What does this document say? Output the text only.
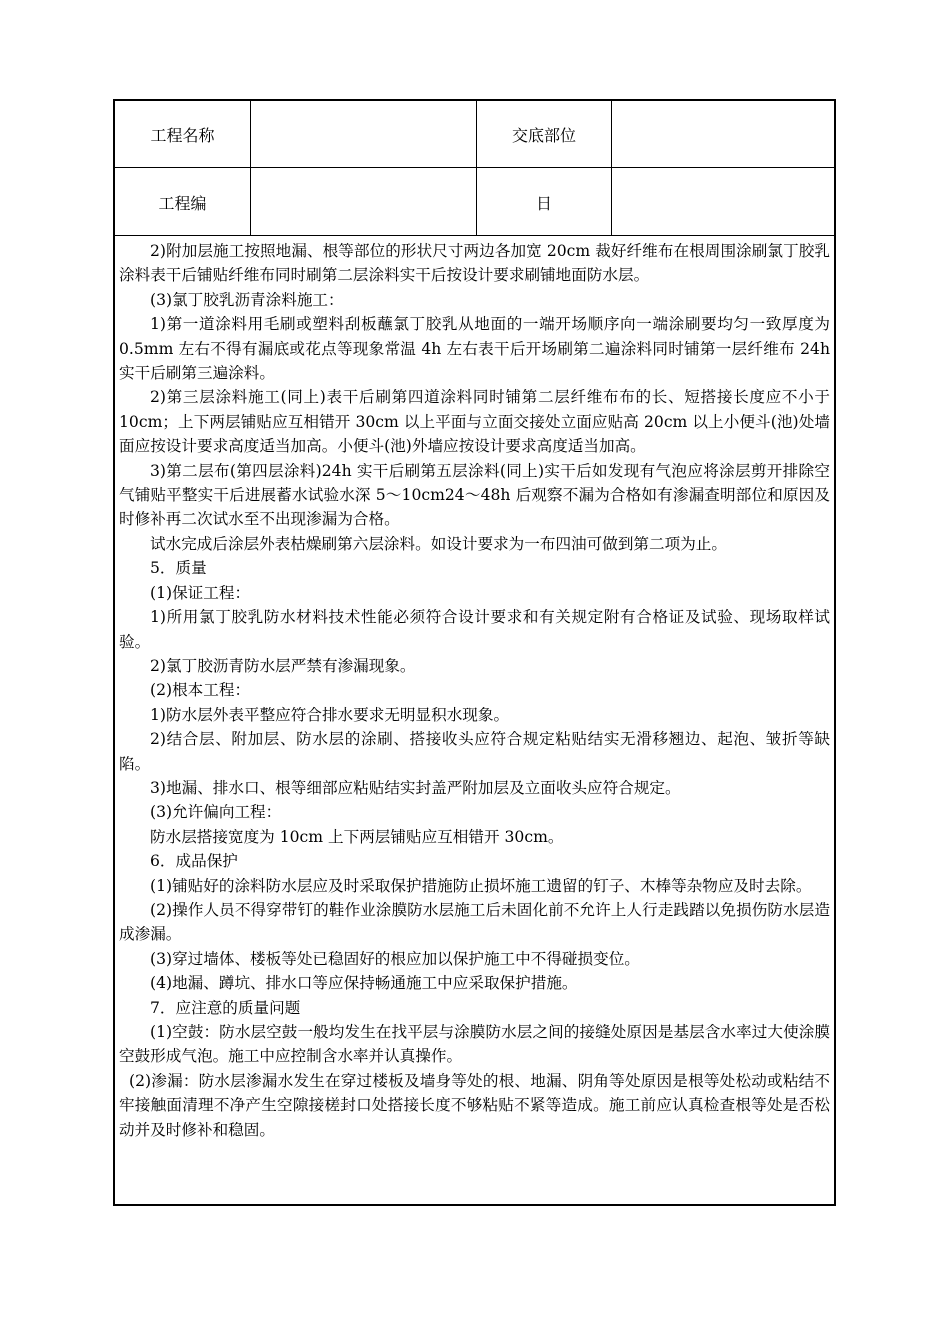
工程名称	交底部位
工程编	日

2)附加层施工按照地漏、根等部位的形状尺寸两边各加宽 20cm 裁好纤维布在根周围涂刷氯丁胶乳涂料表干后铺贴纤维布同时刷第二层涂料实干后按设计要求刷铺地面防水层。

(3)氯丁胶乳沥青涂料施工：

1)第一道涂料用毛刷或塑料刮板蘸氯丁胶乳从地面的一端开场顺序向一端涂刷要均匀一致厚度为 0.5mm 左右不得有漏底或花点等现象常温 4h 左右表干后开场刷第二遍涂料同时铺第一层纤维布 24h 实干后刷第三遍涂料。

2)第三层涂料施工(同上)表干后刷第四道涂料同时铺第二层纤维布布的长、短搭接长度应不小于 10cm；上下两层铺贴应互相错开 30cm 以上平面与立面交接处立面应贴高 20cm 以上小便斗(池)处墙面应按设计要求高度适当加高。小便斗(池)外墙应按设计要求高度适当加高。

3)第二层布(第四层涂料)24h 实干后刷第五层涂料(同上)实干后如发现有气泡应将涂层剪开排除空气铺贴平整实干后进展蓄水试验水深 5～10cm24～48h 后观察不漏为合格如有渗漏查明部位和原因及时修补再二次试水至不出现渗漏为合格。

试水完成后涂层外表枯燥刷第六层涂料。如设计要求为一布四油可做到第二项为止。

5．质量

(1)保证工程：

1)所用氯丁胶乳防水材料技术性能必须符合设计要求和有关规定附有合格证及试验、现场取样试验。

2)氯丁胶沥青防水层严禁有渗漏现象。

(2)根本工程：

1)防水层外表平整应符合排水要求无明显积水现象。

2)结合层、附加层、防水层的涂刷、搭接收头应符合规定粘贴结实无滑移翘边、起泡、皱折等缺陷。

3)地漏、排水口、根等细部应粘贴结实封盖严附加层及立面收头应符合规定。

(3)允许偏向工程：

防水层搭接宽度为 10cm 上下两层铺贴应互相错开 30cm。

6．成品保护

(1)铺贴好的涂料防水层应及时采取保护措施防止损坏施工遗留的钉子、木棒等杂物应及时去除。

(2)操作人员不得穿带钉的鞋作业涂膜防水层施工后未固化前不允许上人行走践踏以免损伤防水层造成渗漏。

(3)穿过墙体、楼板等处已稳固好的根应加以保护施工中不得碰损变位。

(4)地漏、蹲坑、排水口等应保持畅通施工中应采取保护措施。

7．应注意的质量问题

(1)空鼓：防水层空鼓一般均发生在找平层与涂膜防水层之间的接缝处原因是基层含水率过大使涂膜空鼓形成气泡。施工中应控制含水率并认真操作。

(2)渗漏：防水层渗漏水发生在穿过楼板及墙身等处的根、地漏、阴角等处原因是根等处松动或粘结不牢接触面清理不净产生空隙接槎封口处搭接长度不够粘贴不紧等造成。施工前应认真检查根等处是否松动并及时修补和稳固。
